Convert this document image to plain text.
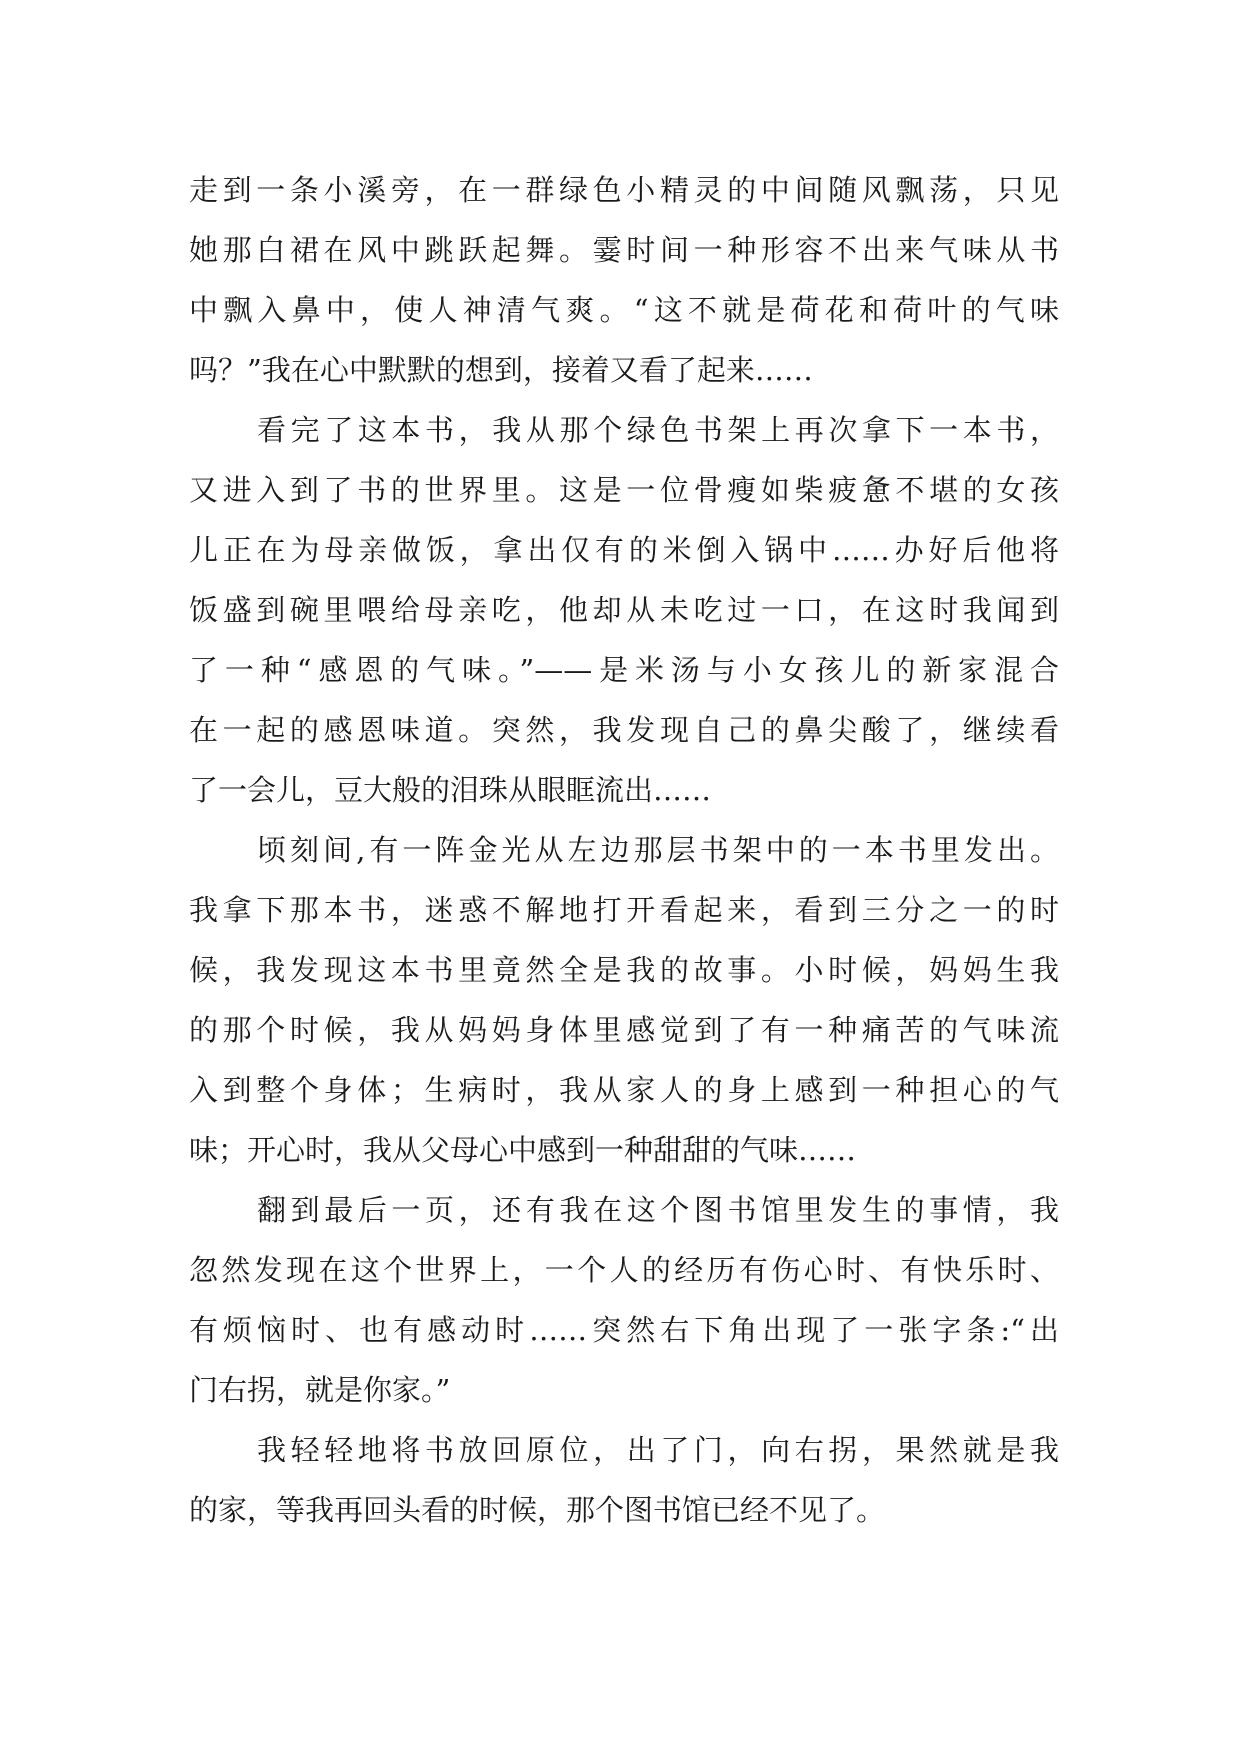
走到一条小溪旁，在一群绿色小精灵的中间随风飘荡，只见
她那白裙在风中跳跃起舞。霎时间一种形容不出来气味从书
中飘入鼻中，使人神清气爽。“这不就是荷花和荷叶的气味
吗？”我在心中默默的想到，接着又看了起来……
看完了这本书，我从那个绿色书架上再次拿下一本书，
又进入到了书的世界里。这是一位骨瘦如柴疲惫不堪的女孩
儿正在为母亲做饭，拿出仅有的米倒入锅中……办好后他将
饭盛到碗里喂给母亲吃，他却从未吃过一口，在这时我闻到
了一种“感恩的气味。”——是米汤与小女孩儿的新家混合
在一起的感恩味道。突然，我发现自己的鼻尖酸了，继续看
了一会儿，豆大般的泪珠从眼眶流出……
顷刻间,有一阵金光从左边那层书架中的一本书里发出。
我拿下那本书，迷惑不解地打开看起来，看到三分之一的时
候，我发现这本书里竟然全是我的故事。小时候，妈妈生我
的那个时候，我从妈妈身体里感觉到了有一种痛苦的气味流
入到整个身体；生病时，我从家人的身上感到一种担心的气
味；开心时，我从父母心中感到一种甜甜的气味……
翻到最后一页，还有我在这个图书馆里发生的事情，我
忽然发现在这个世界上，一个人的经历有伤心时、有快乐时、
有烦恼时、也有感动时……突然右下角出现了一张字条:“出
门右拐，就是你家。”
我轻轻地将书放回原位，出了门，向右拐，果然就是我
的家，等我再回头看的时候，那个图书馆已经不见了。
